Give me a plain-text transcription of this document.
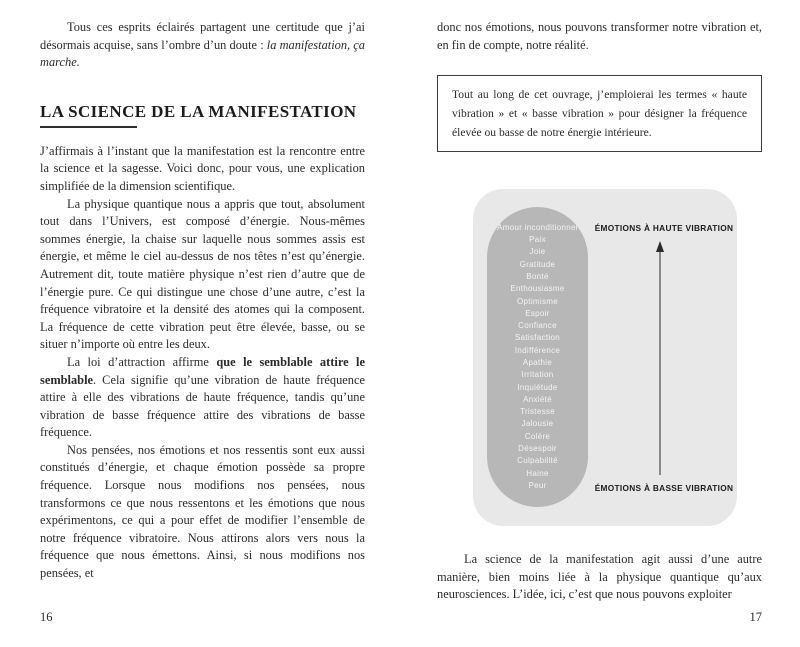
Tous ces esprits éclairés partagent une certitude que j’ai désormais acquise, sans l’ombre d’un doute : la manifestation, ça marche.

LA SCIENCE DE LA MANIFESTATION

J’affirmais à l’instant que la manifestation est la rencontre entre la science et la sagesse. Voici donc, pour vous, une explication simplifiée de la dimension scientifique.

La physique quantique nous a appris que tout, absolument tout dans l’Univers, est composé d’énergie. Nous-mêmes sommes énergie, la chaise sur laquelle nous sommes assis est énergie, et même le ciel au-dessus de nos têtes n’est qu’énergie. Autrement dit, toute matière physique n’est rien d’autre que de l’énergie pure. Ce qui distingue une chose d’une autre, c’est la fréquence vibratoire et la densité des atomes qui la composent. La fréquence de cette vibration peut être élevée, basse, ou se situer n’importe où entre les deux.

La loi d’attraction affirme que le semblable attire le semblable. Cela signifie qu’une vibration de haute fréquence attire à elle des vibrations de haute fréquence, tandis qu’une vibration de basse fréquence attire des vibrations de basse fréquence.

Nos pensées, nos émotions et nos ressentis sont eux aussi constitués d’énergie, et chaque émotion possède sa propre fréquence. Lorsque nous modifions nos pensées, nous transformons ce que nous ressentons et les émotions que nous expérimentons, ce qui a pour effet de modifier l’ensemble de notre fréquence vibratoire. Nous attirons alors vers nous la fréquence que nous émettons. Ainsi, si nous modifions nos pensées, et

16

donc nos émotions, nous pouvons transformer notre vibration et, en fin de compte, notre réalité.

Tout au long de cet ouvrage, j’emploierai les termes « haute vibration » et « basse vibration » pour désigner la fréquence élevée ou basse de notre énergie intérieure.

Amour inconditionnel
Paix
Joie
Gratitude
Bonté
Enthousiasme
Optimisme
Espoir
Confiance
Satisfaction
Indifférence
Apathie
Irritation
Inquiétude
Anxiété
Tristesse
Jalousie
Colère
Désespoir
Culpabilité
Haine
Peur
ÉMOTIONS À HAUTE VIBRATION
ÉMOTIONS À BASSE VIBRATION

La science de la manifestation agit aussi d’une autre manière, bien moins liée à la physique quantique qu’aux neurosciences. L’idée, ici, c’est que nous pouvons exploiter

17
